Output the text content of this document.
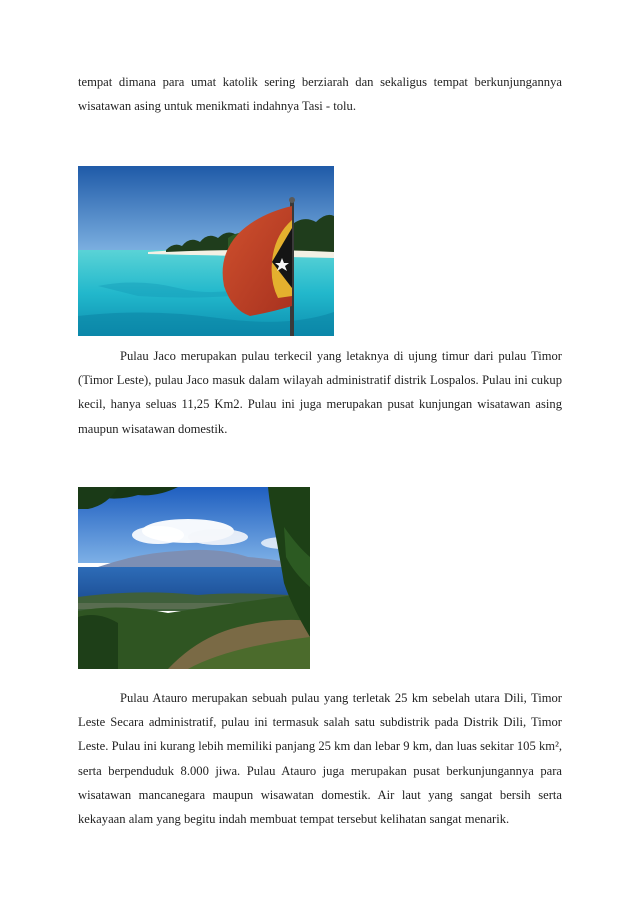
tempat dimana para umat katolik sering berziarah dan sekaligus tempat berkunjungannya wisatawan asing untuk menikmati indahnya Tasi - tolu.

Pulau Jaco merupakan pulau terkecil yang letaknya di ujung timur dari pulau Timor (Timor Leste), pulau Jaco masuk dalam wilayah administratif distrik Lospalos. Pulau ini cukup kecil, hanya seluas 11,25 Km2. Pulau ini juga merupakan pusat kunjungan wisatawan asing maupun wisatawan domestik.

Pulau Atauro merupakan sebuah pulau yang terletak 25 km sebelah utara Dili, Timor Leste Secara administratif, pulau ini termasuk salah satu subdistrik pada Distrik Dili, Timor Leste. Pulau ini kurang lebih memiliki panjang 25 km dan lebar 9 km, dan luas sekitar 105 km², serta berpenduduk 8.000 jiwa. Pulau Atauro juga merupakan pusat berkunjungannya para wisatawan mancanegara maupun wisawatan domestik. Air laut yang sangat bersih serta kekayaan alam yang begitu indah membuat tempat tersebut kelihatan sangat menarik.
